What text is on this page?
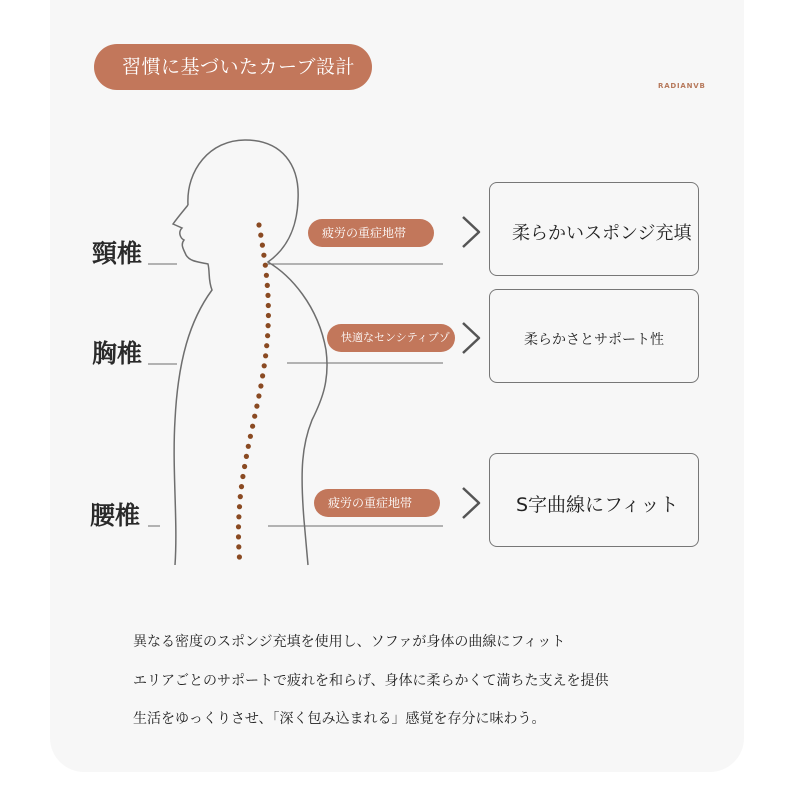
習慣に基づいたカーブ設計
RADIANVB
頸椎
胸椎
腰椎
疲労の重症地帯
快適なセンシティブゾ
疲労の重症地帯
柔らかいスポンジ充填
柔らかさとサポート性
S字曲線にフィット
異なる密度のスポンジ充填を使用し、ソファが身体の曲線にフィット
エリアごとのサポートで疲れを和らげ、身体に柔らかくて満ちた支えを提供
生活をゆっくりさせ、「深く包み込まれる」感覚を存分に味わう。
